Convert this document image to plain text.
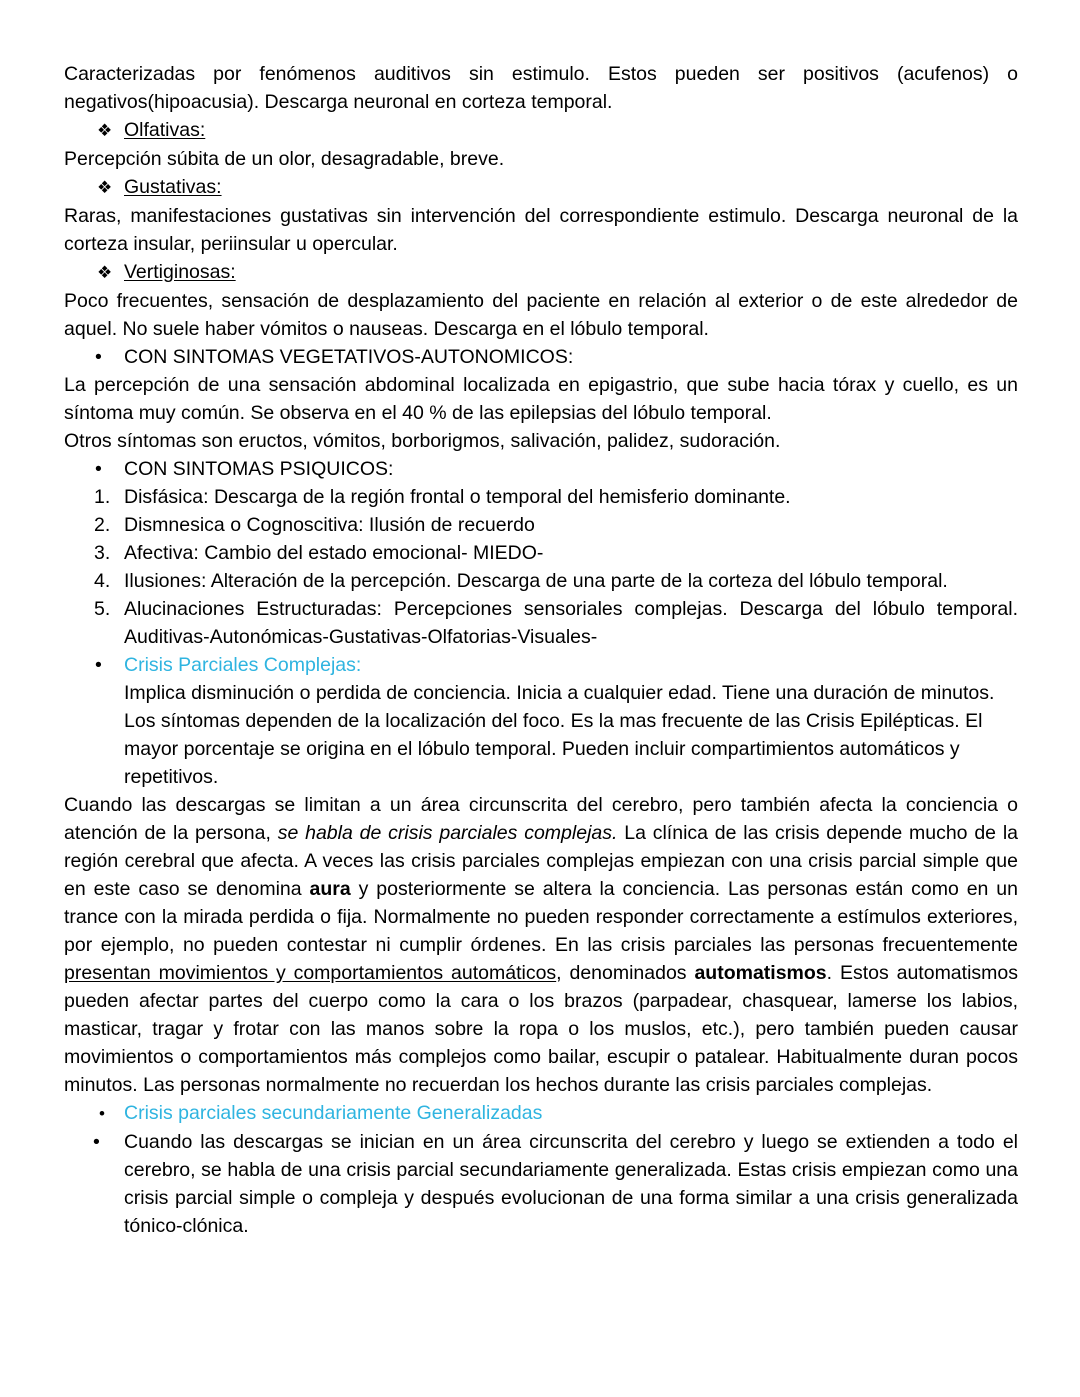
Caracterizadas por fenómenos auditivos sin estimulo. Estos pueden ser positivos (acufenos) o negativos(hipoacusia). Descarga neuronal en corteza temporal.

❖ Olfativas:

Percepción súbita de un olor, desagradable, breve.

❖ Gustativas:

Raras, manifestaciones gustativas sin intervención del correspondiente estimulo. Descarga neuronal de la corteza insular, periinsular u opercular.

❖ Vertiginosas:

Poco frecuentes, sensación de desplazamiento del paciente en relación al exterior o de este alrededor de aquel. No suele haber vómitos o nauseas. Descarga en el lóbulo temporal.

•	CON SINTOMAS VEGETATIVOS-AUTONOMICOS:

La percepción de una sensación abdominal localizada en epigastrio, que sube hacia tórax y cuello, es un síntoma muy común. Se observa en el 40 % de las epilepsias del lóbulo temporal.

Otros síntomas son eructos, vómitos, borborigmos, salivación, palidez, sudoración.

•	CON SINTOMAS PSIQUICOS:
1. Disfásica: Descarga de la región frontal o temporal del hemisferio dominante.
2. Dismnesica o Cognoscitiva: Ilusión de recuerdo
3. Afectiva: Cambio del estado emocional- MIEDO-
4. Ilusiones: Alteración de la percepción. Descarga de una parte de la corteza del lóbulo temporal.
5. Alucinaciones Estructuradas: Percepciones sensoriales complejas. Descarga del lóbulo temporal. Auditivas-Autonómicas-Gustativas-Olfatorias-Visuales-
•	Crisis Parciales Complejas:

Implica disminución o perdida de conciencia. Inicia a cualquier edad. Tiene una duración de minutos. Los síntomas dependen de la localización del foco. Es la mas frecuente de las Crisis Epilépticas. El mayor porcentaje se origina en el lóbulo temporal. Pueden incluir compartimientos automáticos y repetitivos.

Cuando las descargas se limitan a un área circunscrita del cerebro, pero también afecta la conciencia o atención de la persona, se habla de crisis parciales complejas. La clínica de las crisis depende mucho de la región cerebral que afecta. A veces las crisis parciales complejas empiezan con una crisis parcial simple que en este caso se denomina aura y posteriormente se altera la conciencia. Las personas están como en un trance con la mirada perdida o fija. Normalmente no pueden responder correctamente a estímulos exteriores, por ejemplo, no pueden contestar ni cumplir órdenes. En las crisis parciales las personas frecuentemente presentan movimientos y comportamientos automáticos, denominados automatismos. Estos automatismos pueden afectar partes del cuerpo como la cara o los brazos (parpadear, chasquear, lamerse los labios, masticar, tragar y frotar con las manos sobre la ropa o los muslos, etc.), pero también pueden causar movimientos o comportamientos más complejos como bailar, escupir o patalear. Habitualmente duran pocos minutos. Las personas normalmente no recuerdan los hechos durante las crisis parciales complejas.

• Crisis parciales secundariamente Generalizadas
•	Cuando las descargas se inician en un área circunscrita del cerebro y luego se extienden a todo el cerebro, se habla de una crisis parcial secundariamente generalizada. Estas crisis empiezan como una crisis parcial simple o compleja y después evolucionan de una forma similar a una crisis generalizada tónico-clónica.
